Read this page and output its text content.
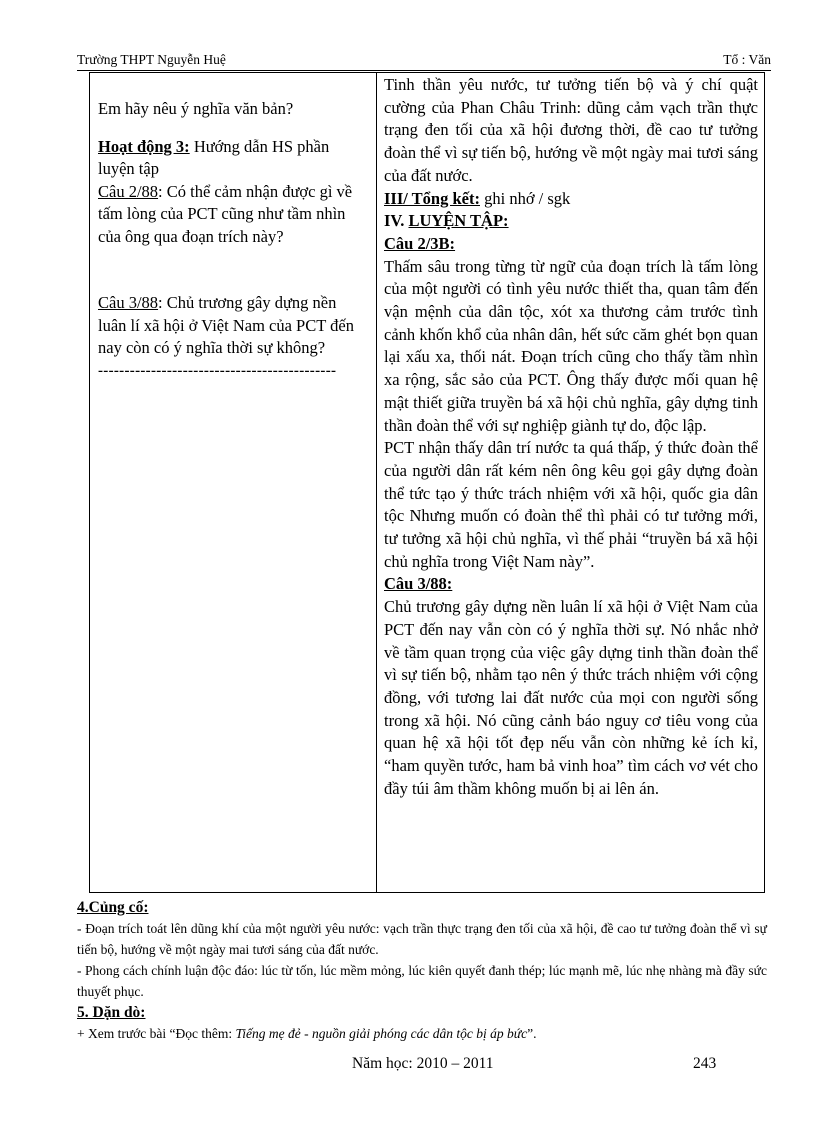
Trường THPT Nguyễn Huệ	Tổ : Văn

Em hãy nêu ý nghĩa văn bản?

Hoạt động 3: Hướng dẫn HS phần luyện tập

Câu 2/88: Có thể cảm nhận được gì về tấm lòng của PCT cũng như tầm nhìn của ông qua đoạn trích này?

Câu 3/88: Chủ trương gây dựng nền luân lí xã hội ở Việt Nam của PCT đến nay còn có ý nghĩa thời sự không?

---------------------------------------------

Tinh thần yêu nước, tư tưởng tiến bộ và ý chí quật cường của Phan Châu Trinh: dũng cảm vạch trần thực trạng đen tối của xã hội đương thời, đề cao tư tưởng đoàn thể vì sự tiến bộ, hướng về một ngày mai tươi sáng của đất nước.

III/ Tổng kết: ghi nhớ / sgk

IV. LUYỆN TẬP:

Câu 2/3B:

Thấm sâu trong từng từ ngữ của đoạn trích là tấm lòng của một người có tình yêu nước thiết tha, quan tâm đến vận mệnh của dân tộc, xót xa thương cảm trước tình cảnh khốn khổ của nhân dân, hết sức căm ghét bọn quan lại xấu xa, thối nát. Đoạn trích cũng cho thấy tầm nhìn xa rộng, sắc sảo của PCT. Ông thấy được mối quan hệ mật thiết giữa truyền bá xã hội chủ nghĩa, gây dựng tinh thần đoàn thể với sự nghiệp giành tự do, độc lập.

PCT nhận thấy dân trí nước ta quá thấp, ý thức đoàn thể của người dân rất kém nên ông kêu gọi gây dựng đoàn thể tức tạo ý thức trách nhiệm với xã hội, quốc gia dân tộc Nhưng muốn có đoàn thể thì phải có tư tưởng mới, tư tưởng xã hội chủ nghĩa, vì thế phải “truyền bá xã hội chủ nghĩa trong Việt Nam này”.

Câu 3/88:

Chủ trương gây dựng nền luân lí xã hội ở Việt Nam của PCT đến nay vẫn còn có ý nghĩa thời sự. Nó nhắc nhở về tầm quan trọng của việc gây dựng tinh thần đoàn thể vì sự tiến bộ, nhằm tạo nên ý thức trách nhiệm với cộng đồng, với tương lai đất nước của mọi con người sống trong xã hội. Nó cũng cảnh báo nguy cơ tiêu vong của quan hệ xã hội tốt đẹp nếu vẫn còn những kẻ ích kỉ, “ham quyền tước, ham bả vinh hoa” tìm cách vơ vét cho đầy túi âm thầm không muốn bị ai lên án.

4.Củng cố:

- Đoạn trích toát lên dũng khí của một người yêu nước: vạch trần thực trạng đen tối của xã hội, đề cao tư tưởng đoàn thể vì sự tiến bộ, hướng về một ngày mai tươi sáng của đất nước.

- Phong cách chính luận độc đáo: lúc từ tốn, lúc mềm mỏng, lúc kiên quyết đanh thép; lúc mạnh mẽ, lúc nhẹ nhàng mà đầy sức thuyết phục.

5. Dặn dò:

+ Xem trước bài “Đọc thêm: Tiếng mẹ đẻ - nguồn giải phóng các dân tộc bị áp bức”.

Năm học: 2010 – 2011	243
